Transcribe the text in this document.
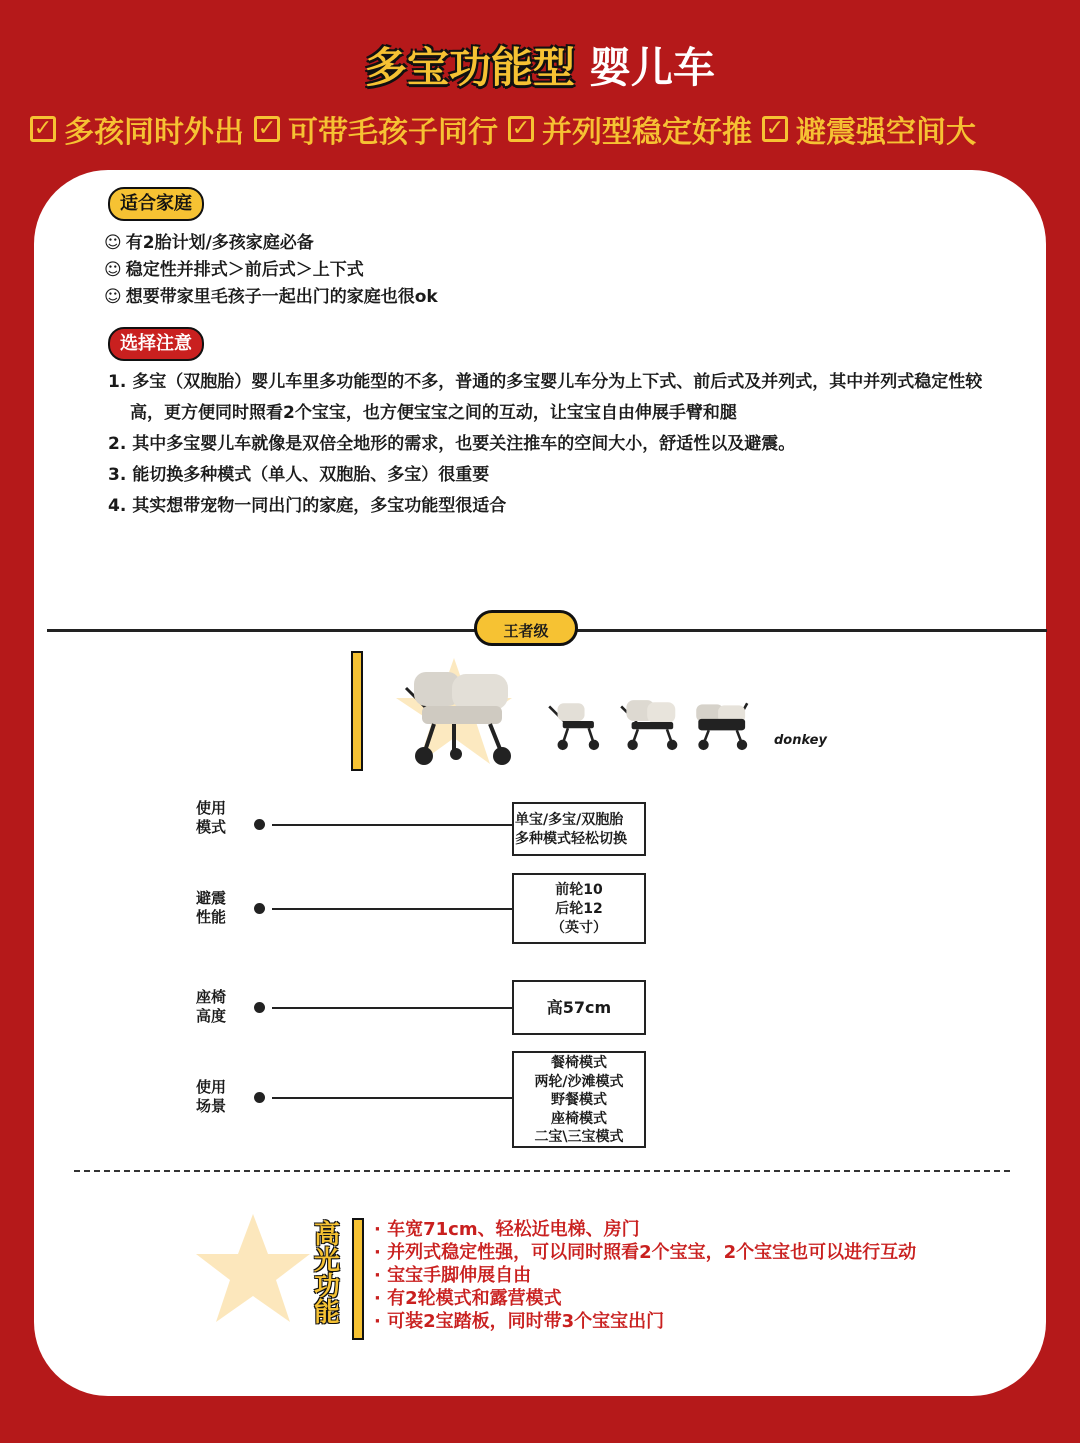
多宝功能型 婴儿车
✓ 多孩同时外出 ✓ 可带毛孩子同行 ✓ 并列型稳定好推 ✓ 避震强空间大
适合家庭
☺ 有2胎计划/多孩家庭必备
☺ 稳定性并排式＞前后式＞上下式
☺ 想要带家里毛孩子一起出门的家庭也很ok
选择注意
1. 多宝（双胞胎）婴儿车里多功能型的不多，普通的多宝婴儿车分为上下式、前后式及并列式，其中并列式稳定性较高，更方便同时照看2个宝宝，也方便宝宝之间的互动，让宝宝自由伸展手臂和腿
2. 其中多宝婴儿车就像是双倍全地形的需求，也要关注推车的空间大小，舒适性以及避震。
3. 能切换多种模式（单人、双胞胎、多宝）很重要
4. 其实想带宠物一同出门的家庭，多宝功能型很适合
王者级
donkey
使用
模式	单宝/多宝/双胞胎
多种模式轻松切换
避震
性能
前轮10
后轮12
（英寸）
座椅
高度	高57cm
使用
场景
餐椅模式
两轮/沙滩模式
野餐模式
座椅模式
二宝\三宝模式
高光功能
· 车宽71cm、轻松近电梯、房门
· 并列式稳定性强，可以同时照看2个宝宝，2个宝宝也可以进行互动
· 宝宝手脚伸展自由
· 有2轮模式和露营模式
· 可装2宝踏板，同时带3个宝宝出门
